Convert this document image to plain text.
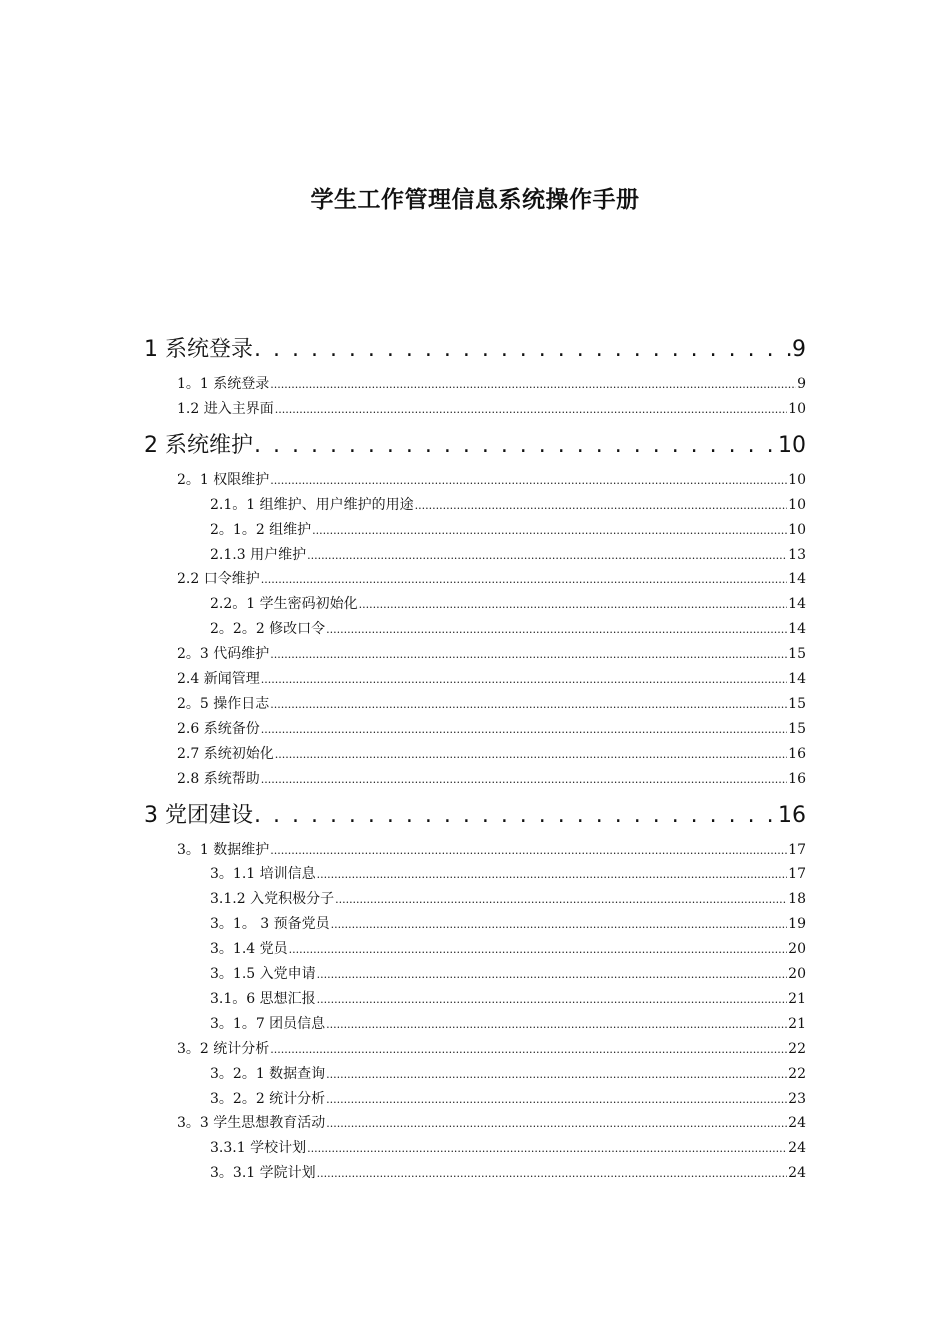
学生工作管理信息系统操作手册
1 系统登录 . . .	9
1。1 系统登录 .....	9
1.2 进入主界面 .....	10
2 系统维护 . . .	10
2。1 权限维护 .....	10
2.1。1 组维护、用户维护的用途 .....	10
2。1。2 组维护 .....	10
2.1.3 用户维护 .....	13
2.2 口令维护 .....	14
2.2。1 学生密码初始化 .....	14
2。2。2 修改口令 .....	14
2。3 代码维护 .....	15
2.4 新闻管理 .....	14
2。5 操作日志 .....	15
2.6 系统备份 .....	15
2.7 系统初始化 .....	16
2.8 系统帮助 .....	16
3 党团建设 . . .	16
3。1 数据维护 .....	17
3。1.1 培训信息 .....	17
3.1.2 入党积极分子 .....	18
3。1。 3 预备党员 .....	19
3。1.4 党员 .....	20
3。1.5 入党申请 .....	20
3.1。6 思想汇报 .....	21
3。1。7 团员信息 .....	21
3。2 统计分析 .....	22
3。2。1 数据查询 .....	22
3。2。2 统计分析 .....	23
3。3 学生思想教育活动 .....	24
3.3.1 学校计划 .....	24
3。3.1 学院计划 .....	24
